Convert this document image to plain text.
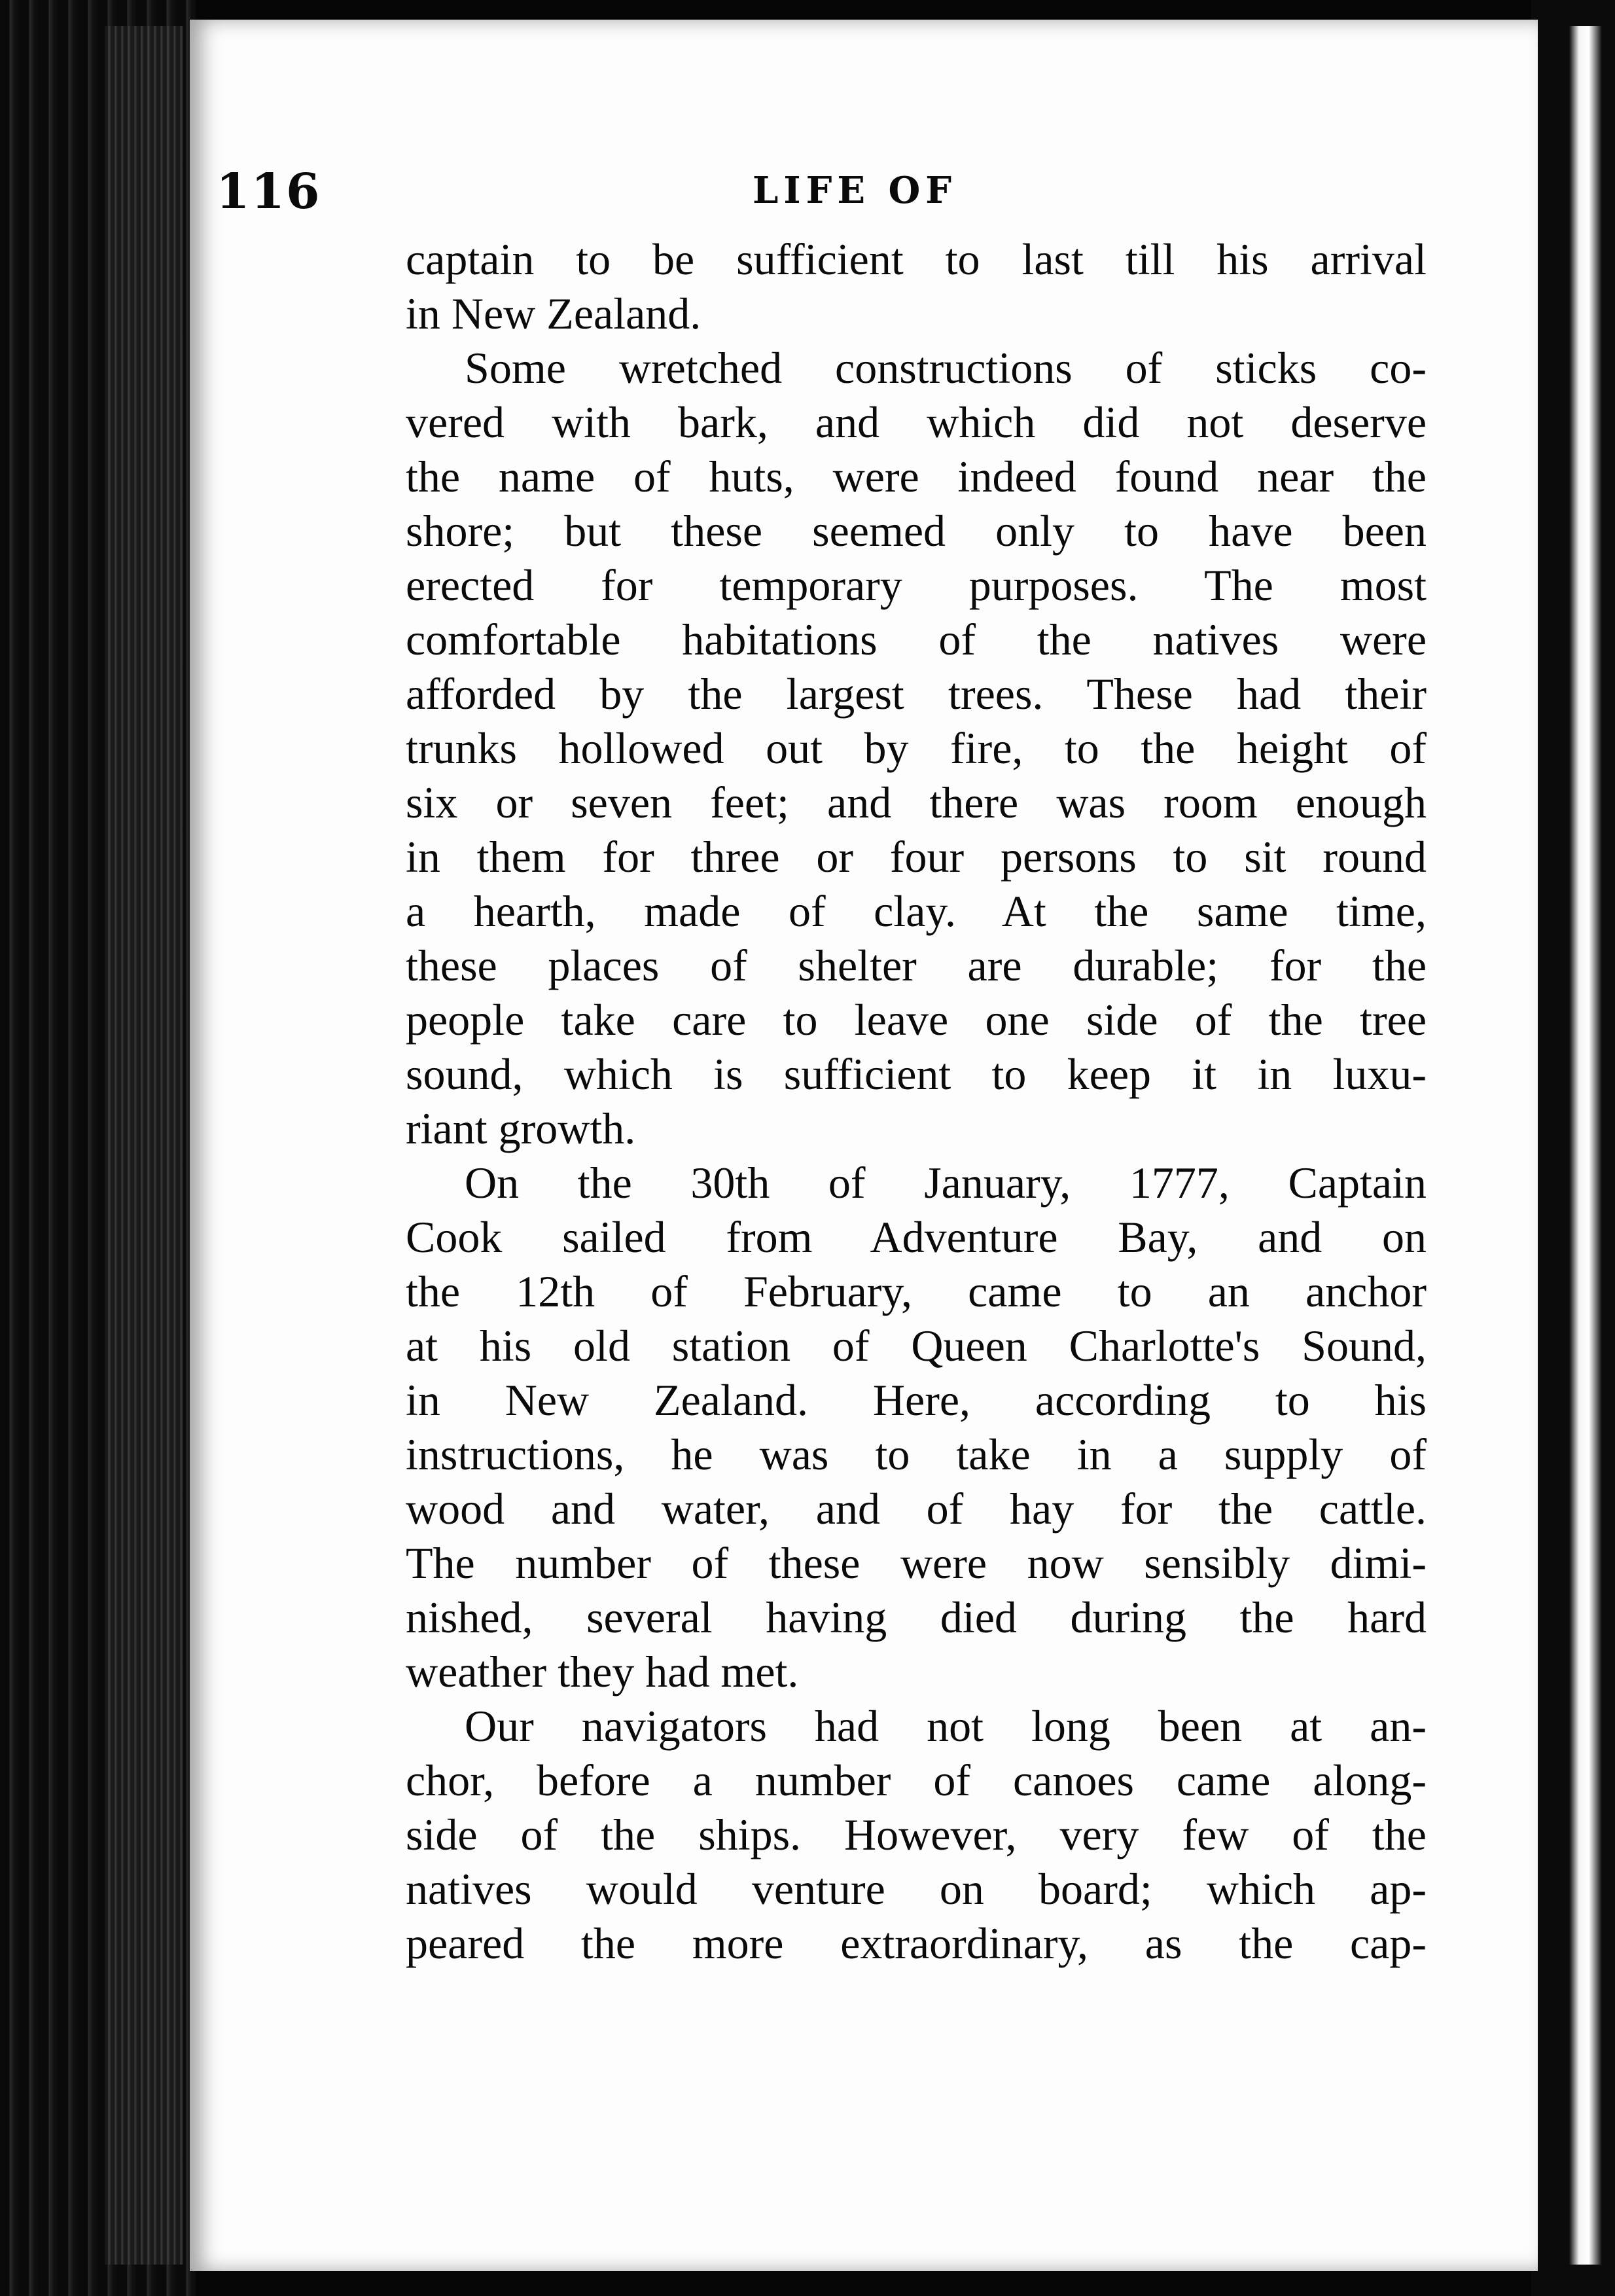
116	LIFE OF
captain to be sufficient to last till his arrival
in New Zealand.
Some wretched constructions of sticks co-
vered with bark, and which did not deserve
the name of huts, were indeed found near the
shore; but these seemed only to have been
erected for temporary purposes. The most
comfortable habitations of the natives were
afforded by the largest trees. These had their
trunks hollowed out by fire, to the height of
six or seven feet; and there was room enough
in them for three or four persons to sit round
a hearth, made of clay. At the same time,
these places of shelter are durable; for the
people take care to leave one side of the tree
sound, which is sufficient to keep it in luxu-
riant growth.
On the 30th of January, 1777, Captain
Cook sailed from Adventure Bay, and on
the 12th of February, came to an anchor
at his old station of Queen Charlotte's Sound,
in New Zealand. Here, according to his
instructions, he was to take in a supply of
wood and water, and of hay for the cattle.
The number of these were now sensibly dimi-
nished, several having died during the hard
weather they had met.
Our navigators had not long been at an-
chor, before a number of canoes came along-
side of the ships. However, very few of the
natives would venture on board; which ap-
peared the more extraordinary, as the cap-
